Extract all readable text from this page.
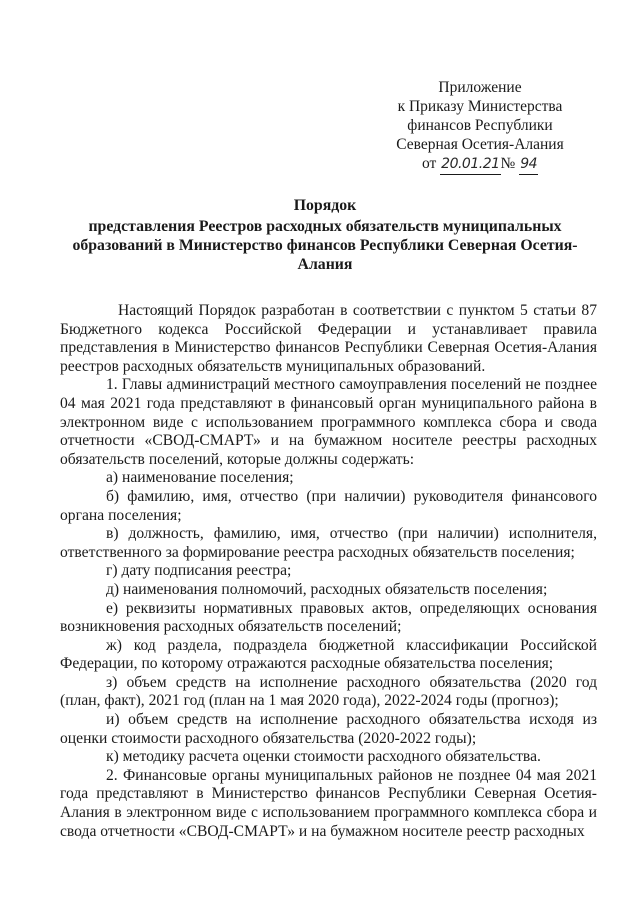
Приложение
к Приказу Министерства
финансов Республики
Северная Осетия-Алания
от 20.01.21№ 94
Порядок
представления Реестров расходных обязательств муниципальных
образований в Министерство финансов Республики Северная Осетия-
Алания

Настоящий Порядок разработан в соответствии с пунктом 5 статьи 87 Бюджетного кодекса Российской Федерации и устанавливает правила представления в Министерство финансов Республики Северная Осетия-Алания реестров расходных обязательств муниципальных образований.

1. Главы администраций местного самоуправления поселений не позднее 04 мая 2021 года представляют в финансовый орган муниципального района в электронном виде с использованием программного комплекса сбора и свода отчетности «СВОД-СМАРТ» и на бумажном носителе реестры расходных обязательств поселений, которые должны содержать:

а) наименование поселения;

б) фамилию, имя, отчество (при наличии) руководителя финансового органа поселения;

в) должность, фамилию, имя, отчество (при наличии) исполнителя, ответственного за формирование реестра расходных обязательств поселения;

г) дату подписания реестра;

д) наименования полномочий, расходных обязательств поселения;

е) реквизиты нормативных правовых актов, определяющих основания возникновения расходных обязательств поселений;

ж) код раздела, подраздела бюджетной классификации Российской Федерации, по которому отражаются расходные обязательства поселения;

з) объем средств на исполнение расходного обязательства (2020 год (план, факт), 2021 год (план на 1 мая 2020 года), 2022-2024 годы (прогноз);

и) объем средств на исполнение расходного обязательства исходя из оценки стоимости расходного обязательства (2020-2022 годы);

к) методику расчета оценки стоимости расходного обязательства.

2. Финансовые органы муниципальных районов не позднее 04 мая 2021 года представляют в Министерство финансов Республики Северная Осетия-Алания в электронном виде с использованием программного комплекса сбора и свода отчетности «СВОД-СМАРТ» и на бумажном носителе реестр расходных
